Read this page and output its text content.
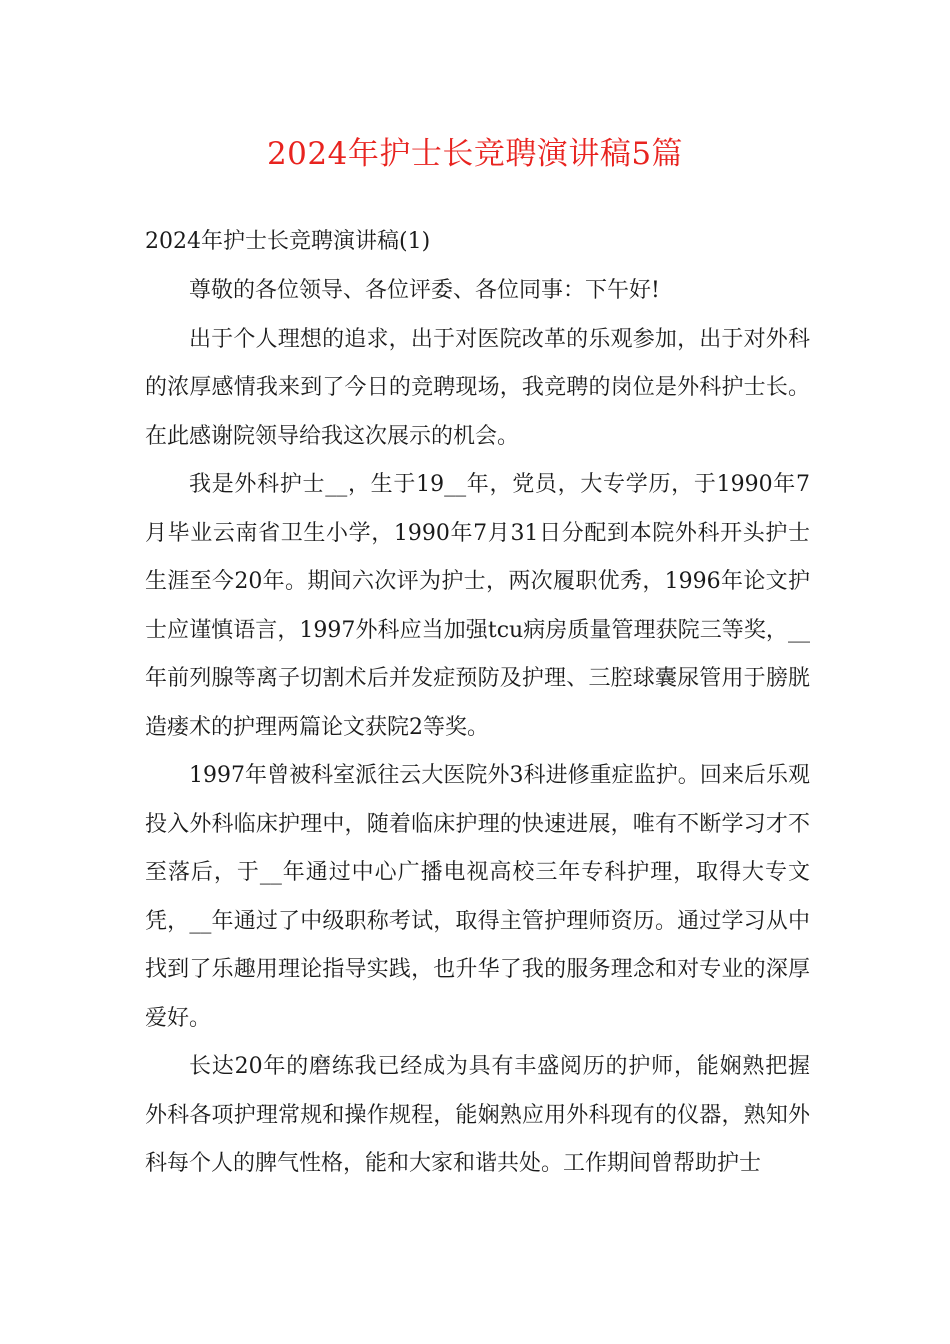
2024年护士长竞聘演讲稿5篇

2024年护士长竞聘演讲稿(1)

尊敬的各位领导、各位评委、各位同事：下午好!

出于个人理想的追求，出于对医院改革的乐观参加，出于对外科的浓厚感情我来到了今日的竞聘现场，我竞聘的岗位是外科护士长。在此感谢院领导给我这次展示的机会。

我是外科护士__，生于19__年，党员，大专学历，于1990年7月毕业云南省卫生小学，1990年7月31日分配到本院外科开头护士生涯至今20年。期间六次评为护士，两次履职优秀，1996年论文护士应谨慎语言，1997外科应当加强tcu病房质量管理获院三等奖，__年前列腺等离子切割术后并发症预防及护理、三腔球囊尿管用于膀胱造瘘术的护理两篇论文获院2等奖。

1997年曾被科室派往云大医院外3科进修重症监护。回来后乐观投入外科临床护理中，随着临床护理的快速进展，唯有不断学习才不至落后，于__年通过中心广播电视高校三年专科护理，取得大专文凭，__年通过了中级职称考试，取得主管护理师资历。通过学习从中找到了乐趣用理论指导实践，也升华了我的服务理念和对专业的深厚爱好。

长达20年的磨练我已经成为具有丰盛阅历的护师，能娴熟把握外科各项护理常规和操作规程，能娴熟应用外科现有的仪器，熟知外科每个人的脾气性格，能和大家和谐共处。工作期间曾帮助护士
